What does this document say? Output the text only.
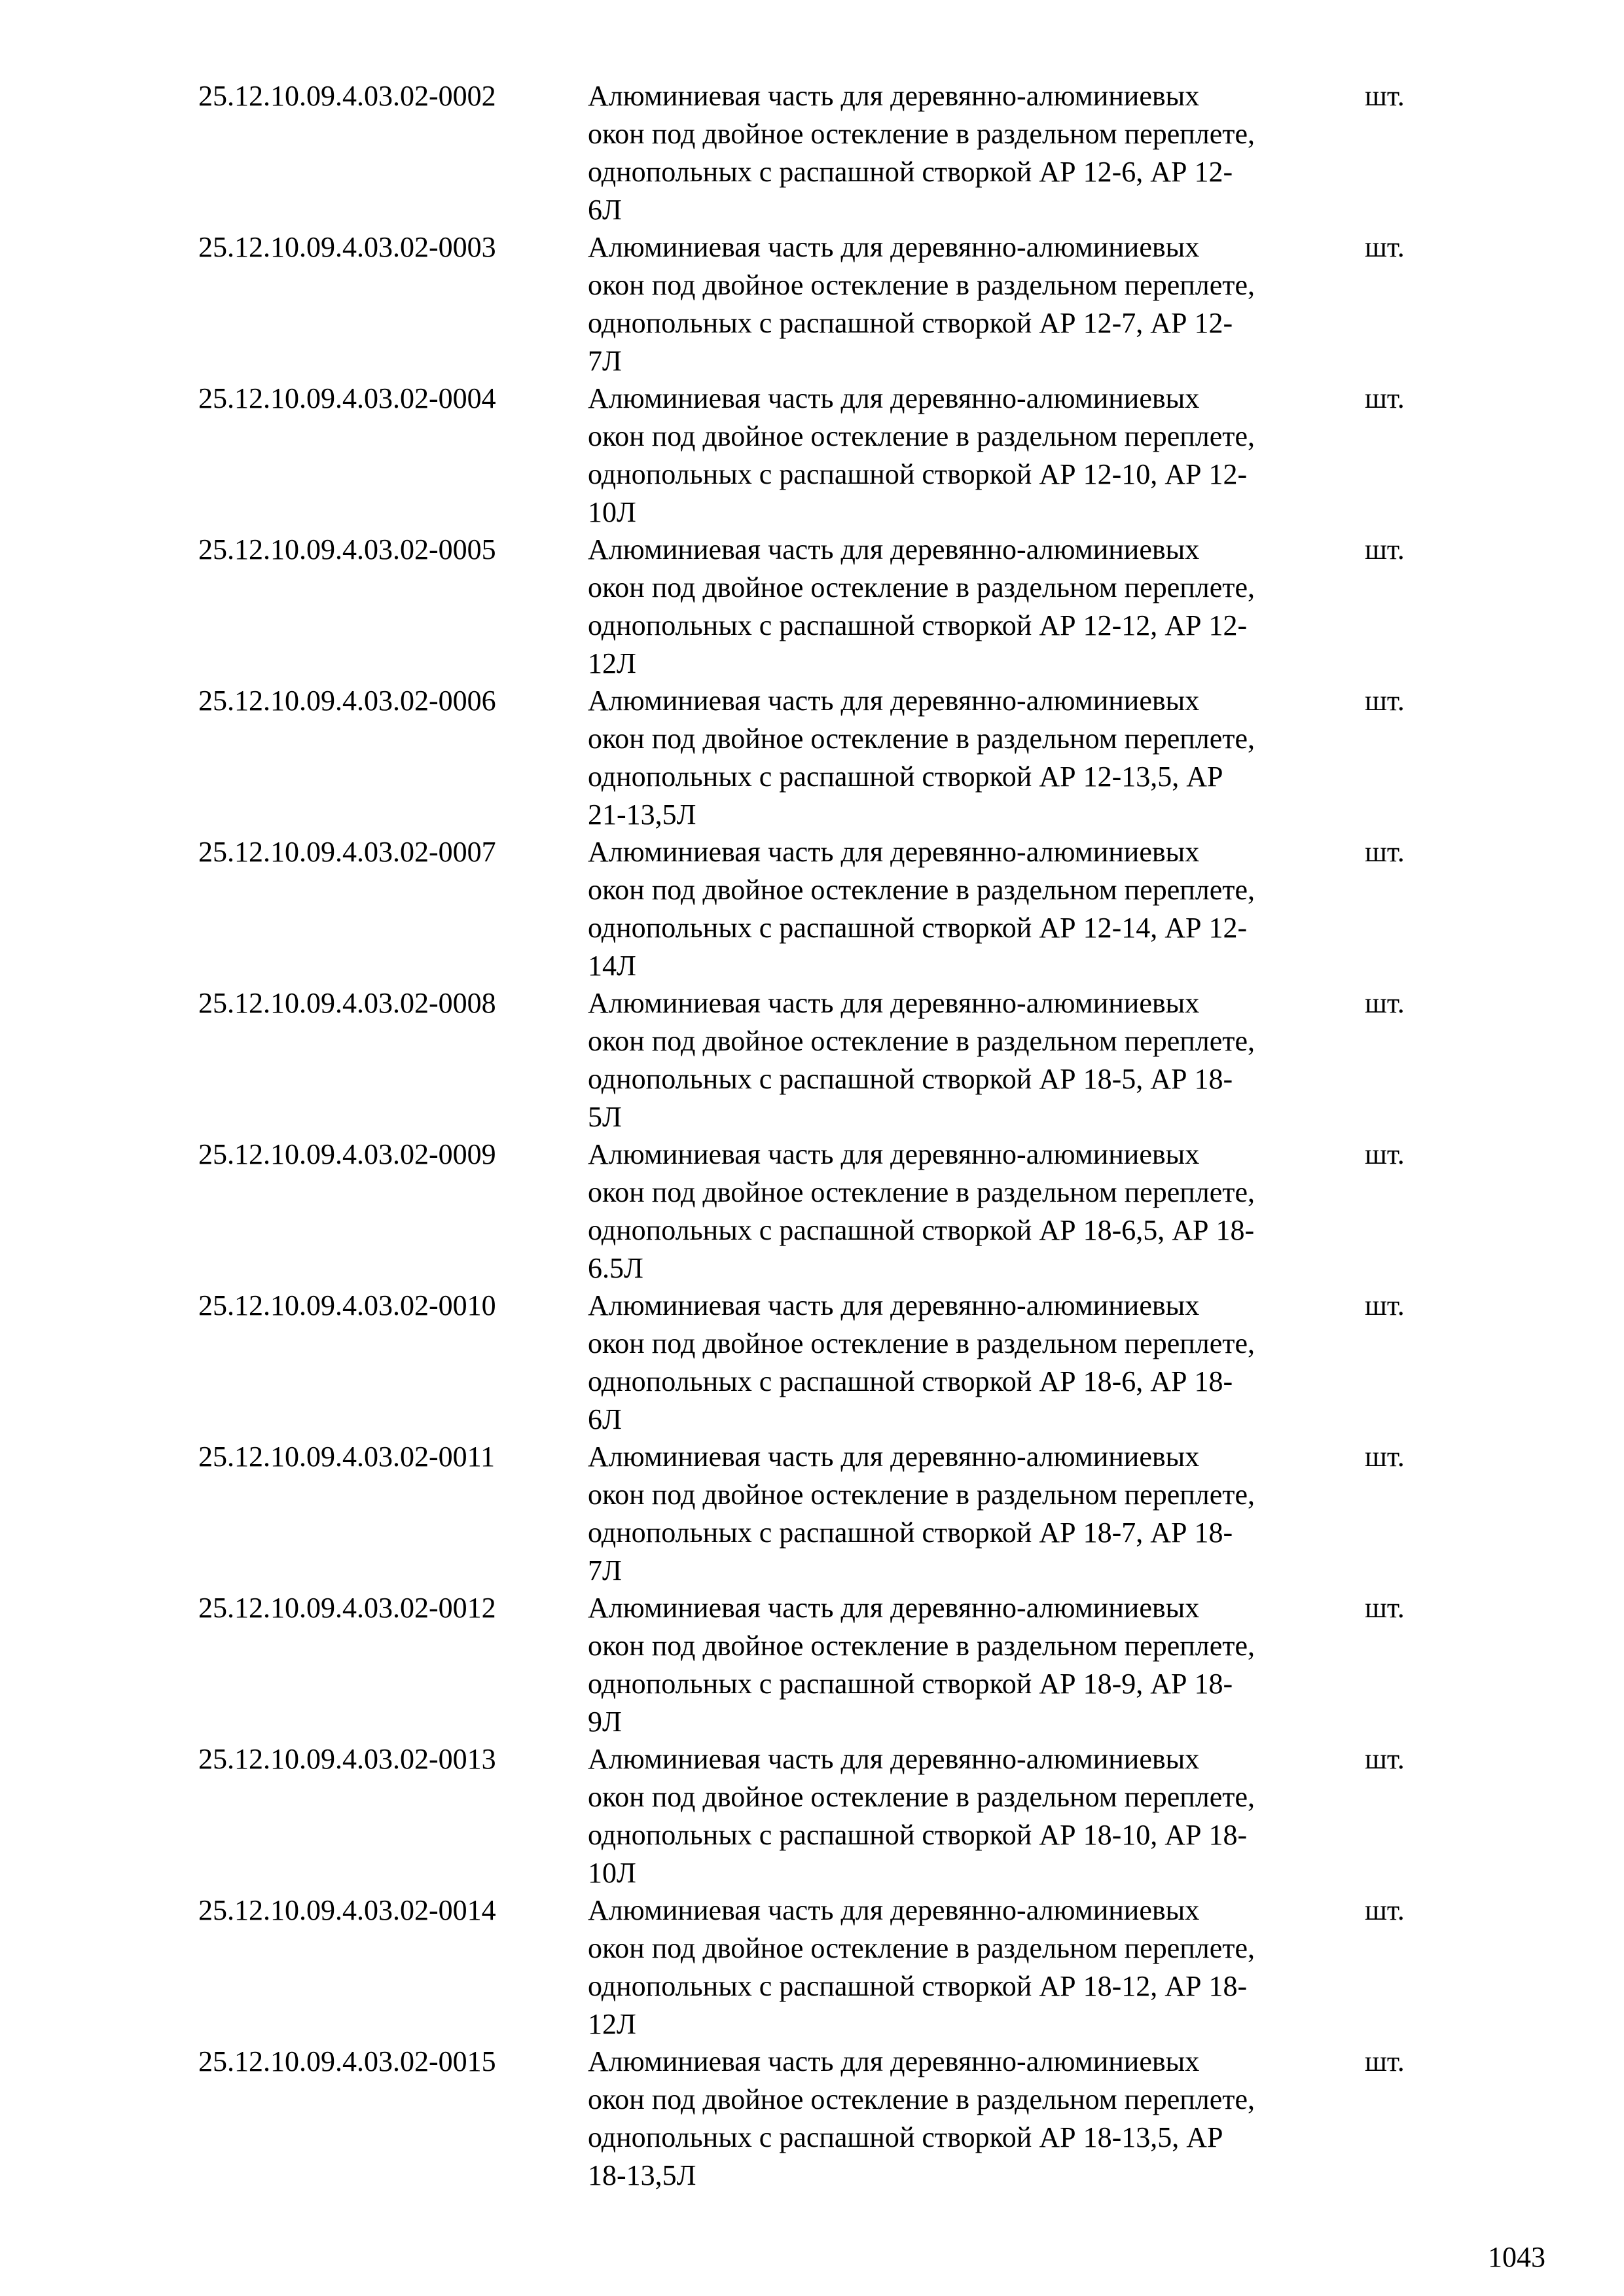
25.12.10.09.4.03.02-0002	Алюминиевая часть для деревянно-алюминиевых
окон под двойное остекление в раздельном переплете,
однопольных с распашной створкой АР 12-6, АР 12-
6Л
шт.
25.12.10.09.4.03.02-0003	Алюминиевая часть для деревянно-алюминиевых
окон под двойное остекление в раздельном переплете,
однопольных с распашной створкой АР 12-7, АР 12-
7Л
шт.
25.12.10.09.4.03.02-0004	Алюминиевая часть для деревянно-алюминиевых
окон под двойное остекление в раздельном переплете,
однопольных с распашной створкой АР 12-10, АР 12-
10Л
шт.
25.12.10.09.4.03.02-0005	Алюминиевая часть для деревянно-алюминиевых
окон под двойное остекление в раздельном переплете,
однопольных с распашной створкой АР 12-12, АР 12-
12Л
шт.
25.12.10.09.4.03.02-0006	Алюминиевая часть для деревянно-алюминиевых
окон под двойное остекление в раздельном переплете,
однопольных с распашной створкой АР 12-13,5, АР
21-13,5Л
шт.
25.12.10.09.4.03.02-0007	Алюминиевая часть для деревянно-алюминиевых
окон под двойное остекление в раздельном переплете,
однопольных с распашной створкой АР 12-14, АР 12-
14Л
шт.
25.12.10.09.4.03.02-0008	Алюминиевая часть для деревянно-алюминиевых
окон под двойное остекление в раздельном переплете,
однопольных с распашной створкой АР 18-5, АР 18-
5Л
шт.
25.12.10.09.4.03.02-0009	Алюминиевая часть для деревянно-алюминиевых
окон под двойное остекление в раздельном переплете,
однопольных с распашной створкой АР 18-6,5, АР 18-
6.5Л
шт.
25.12.10.09.4.03.02-0010	Алюминиевая часть для деревянно-алюминиевых
окон под двойное остекление в раздельном переплете,
однопольных с распашной створкой АР 18-6, АР 18-
6Л
шт.
25.12.10.09.4.03.02-0011	Алюминиевая часть для деревянно-алюминиевых
окон под двойное остекление в раздельном переплете,
однопольных с распашной створкой АР 18-7, АР 18-
7Л
шт.
25.12.10.09.4.03.02-0012	Алюминиевая часть для деревянно-алюминиевых
окон под двойное остекление в раздельном переплете,
однопольных с распашной створкой АР 18-9, АР 18-
9Л
шт.
25.12.10.09.4.03.02-0013	Алюминиевая часть для деревянно-алюминиевых
окон под двойное остекление в раздельном переплете,
однопольных с распашной створкой АР 18-10, АР 18-
10Л
шт.
25.12.10.09.4.03.02-0014	Алюминиевая часть для деревянно-алюминиевых
окон под двойное остекление в раздельном переплете,
однопольных с распашной створкой АР 18-12, АР 18-
12Л
шт.
25.12.10.09.4.03.02-0015	Алюминиевая часть для деревянно-алюминиевых
окон под двойное остекление в раздельном переплете,
однопольных с распашной створкой АР 18-13,5, АР
18-13,5Л
шт.
1043
